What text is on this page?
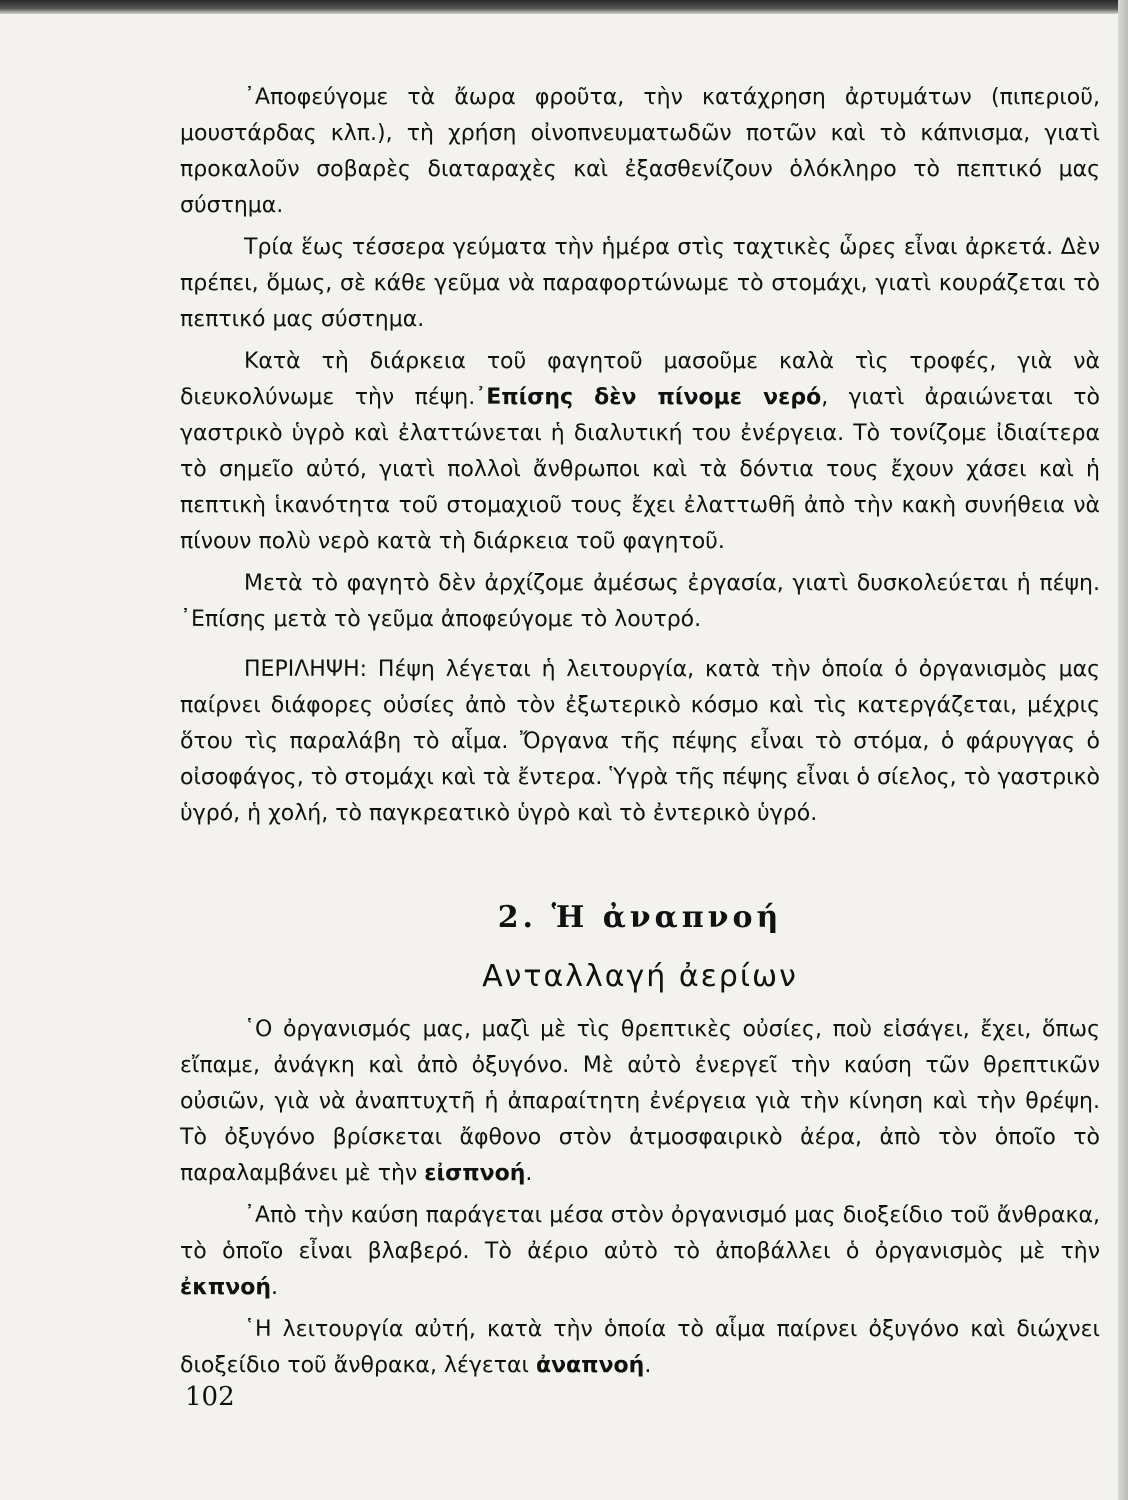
᾿Αποφεύγομε τὰ ἄωρα φροῦτα, τὴν κατάχρηση ἀρτυμάτων (πιπεριοῦ, μουστάρδας κλπ.), τὴ χρήση οἰνοπνευματωδῶν ποτῶν καὶ τὸ κάπνισμα, γιατὶ προκαλοῦν σοβαρὲς διαταραχὲς καὶ ἐξασθενίζουν ὁλόκληρο τὸ πεπτικό μας σύστημα.

Τρία ἕως τέσσερα γεύματα τὴν ἡμέρα στὶς ταχτικὲς ὧρες εἶναι ἀρκετά. Δὲν πρέπει, ὅμως, σὲ κάθε γεῦμα νὰ παραφορτώνωμε τὸ στομάχι, γιατὶ κουράζεται τὸ πεπτικό μας σύστημα.

Κατὰ τὴ διάρκεια τοῦ φαγητοῦ μασοῦμε καλὰ τὶς τροφές, γιὰ νὰ διευκολύνωμε τὴν πέψη.᾿Επίσης δὲν πίνομε νερό, γιατὶ ἀραιώνεται τὸ γαστρικὸ ὑγρὸ καὶ ἐλαττώνεται ἡ διαλυτική του ἐνέργεια. Τὸ τονίζομε ἰδιαίτερα τὸ σημεῖο αὐτό, γιατὶ πολλοὶ ἄνθρωποι καὶ τὰ δόντια τους ἔχουν χάσει καὶ ἡ πεπτικὴ ἱκανότητα τοῦ στομαχιοῦ τους ἔχει ἐλαττωθῆ ἀπὸ τὴν κακὴ συνήθεια νὰ πίνουν πολὺ νερὸ κατὰ τὴ διάρκεια τοῦ φαγητοῦ.

Μετὰ τὸ φαγητὸ δὲν ἀρχίζομε ἀμέσως ἐργασία, γιατὶ δυσκολεύεται ἡ πέψη. ᾿Επίσης μετὰ τὸ γεῦμα ἀποφεύγομε τὸ λουτρό.

ΠΕΡΙΛΗΨΗ: Πέψη λέγεται ἡ λειτουργία, κατὰ τὴν ὁποία ὁ ὀργανισμὸς μας παίρνει διάφορες οὐσίες ἀπὸ τὸν ἐξωτερικὸ κόσμο καὶ τὶς κατεργάζεται, μέχρις ὅτου τὶς παραλάβη τὸ αἷμα. Ὄργανα τῆς πέψης εἶναι τὸ στόμα, ὁ φάρυγγας ὁ οἰσοφάγος, τὸ στομάχι καὶ τὰ ἔντερα. Ὑγρὰ τῆς πέψης εἶναι ὁ σίελος, τὸ γαστρικὸ ὑγρό, ἡ χολή, τὸ παγκρεατικὸ ὑγρὸ καὶ τὸ ἐντερικὸ ὑγρό.

2. Ἡ ἀναπνοή
Ανταλλαγή ἀερίων

῾Ο ὀργανισμός μας, μαζὶ μὲ τὶς θρεπτικὲς οὐσίες, ποὺ εἰσάγει, ἔχει, ὅπως εἴπαμε, ἀνάγκη καὶ ἀπὸ ὀξυγόνο. Μὲ αὐτὸ ἐνεργεῖ τὴν καύση τῶν θρεπτικῶν οὐσιῶν, γιὰ νὰ ἀναπτυχτῆ ἡ ἀπαραίτητη ἐνέργεια γιὰ τὴν κίνηση καὶ τὴν θρέψη. Τὸ ὀξυγόνο βρίσκεται ἄφθονο στὸν ἀτμοσφαιρικὸ ἀέρα, ἀπὸ τὸν ὁποῖο τὸ παραλαμβάνει μὲ τὴν εἰσπνοή.

᾿Απὸ τὴν καύση παράγεται μέσα στὸν ὀργανισμό μας διοξείδιο τοῦ ἄνθρακα, τὸ ὁποῖο εἶναι βλαβερό. Τὸ ἀέριο αὐτὸ τὸ ἀποβάλλει ὁ ὀργανισμὸς μὲ τὴν ἐκπνοή.

῾Η λειτουργία αὐτή, κατὰ τὴν ὁποία τὸ αἷμα παίρνει ὀξυγόνο καὶ διώχνει διοξείδιο τοῦ ἄνθρακα, λέγεται ἀναπνοή.

102
